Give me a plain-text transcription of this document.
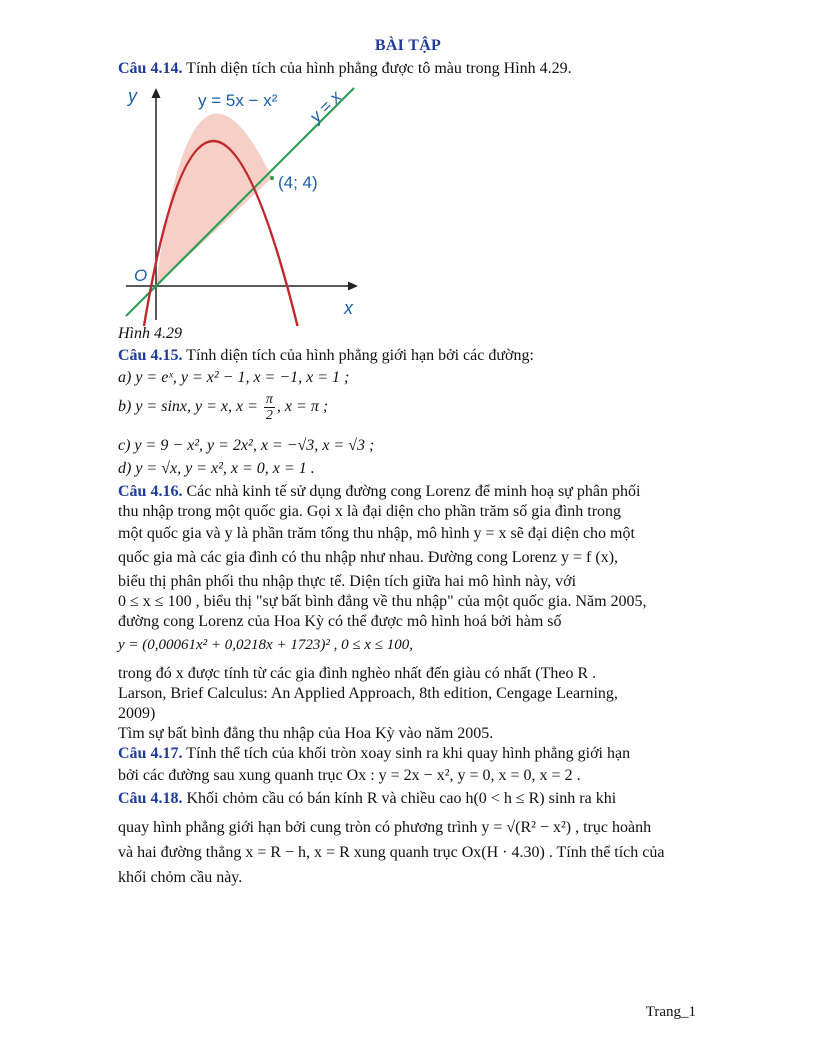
BÀI TẬP
Câu 4.14. Tính diện tích của hình phẳng được tô màu trong Hình 4.29.
y
x
O
y = 5x − x² y = x
(4; 4)
Hình 4.29
Câu 4.15. Tính diện tích của hình phẳng giới hạn bởi các đường:
a) y = eˣ, y = x² − 1, x = −1, x = 1 ;
b) y = sinx, y = x, $x = \frac{\pi}{2}$ , x = π ;
c) y = 9 − x², y = 2x², x = −√3, x = √3 ;
d) y = √x, y = x², x = 0, x = 1 .
Câu 4.16. Các nhà kinh tế sử dụng đường cong Lorenz để minh hoạ sự phân phối
thu nhập trong một quốc gia. Gọi x là đại diện cho phần trăm số gia đình trong
một quốc gia và y là phần trăm tổng thu nhập, mô hình y = x sẽ đại diện cho một
quốc gia mà các gia đình có thu nhập như nhau. Đường cong Lorenz y = f (x),
biểu thị phân phối thu nhập thực tế. Diện tích giữa hai mô hình này, với
0 ≤ x ≤ 100 , biểu thị "sự bất bình đẳng về thu nhập" của một quốc gia. Năm 2005,
đường cong Lorenz của Hoa Kỳ có thể được mô hình hoá bởi hàm số
y = (0,00061x² + 0,0218x + 1723)² , 0 ≤ x ≤ 100,
trong đó x được tính từ các gia đình nghèo nhất đến giàu có nhất (Theo R .
Larson, Brief Calculus: An Applied Approach, 8th edition, Cengage Learning,
2009)
Tìm sự bất bình đẳng thu nhập của Hoa Kỳ vào năm 2005.
Câu 4.17. Tính thể tích của khối tròn xoay sinh ra khi quay hình phẳng giới hạn
bởi các đường sau xung quanh trục Ox : y = 2x − x², y = 0, x = 0, x = 2 .
Câu 4.18. Khối chỏm cầu có bán kính R và chiều cao h(0 < h ≤ R) sinh ra khi
quay hình phẳng giới hạn bởi cung tròn có phương trình y = √(R² − x²) , trục hoành
và hai đường thẳng x = R − h, x = R xung quanh trục Ox(H · 4.30) . Tính thể tích của
khối chỏm cầu này.
Trang_1
